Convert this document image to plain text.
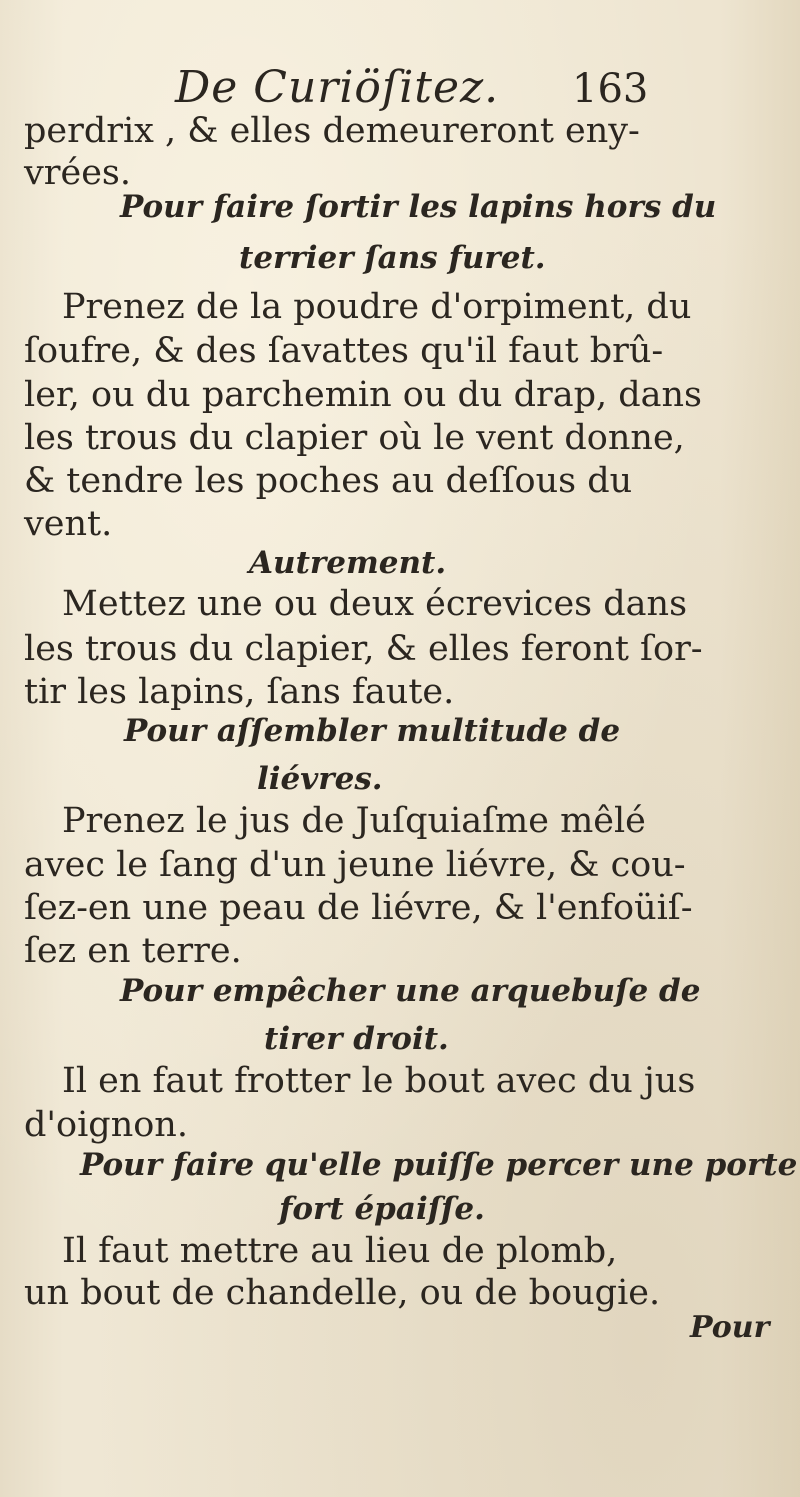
De Curiöſitez. 163
perdrix , & elles demeureront eny-
vrées.
Pour faire ſortir les lapins hors du
terrier ſans furet.
Prenez de la poudre d'orpiment, du
ſoufre, & des ſavattes qu'il faut brû-
ler, ou du parchemin ou du drap, dans
les trous du clapier où le vent donne,
& tendre les poches au deſſous du
vent.
Autrement.
Mettez une ou deux écrevices dans
les trous du clapier, & elles feront ſor-
tir les lapins, ſans faute.
Pour aſſembler multitude de
liévres.
Prenez le jus de Juſquiaſme mêlé
avec le ſang d'un jeune liévre, & cou-
ſez-en une peau de liévre, & l'enfoüiſ-
ſez en terre.
Pour empêcher une arquebuſe de
tirer droit.
Il en faut frotter le bout avec du jus
d'oignon.
Pour faire qu'elle puiſſe percer une porte
fort épaiſſe.
Il faut mettre au lieu de plomb,
un bout de chandelle, ou de bougie.
Pour
